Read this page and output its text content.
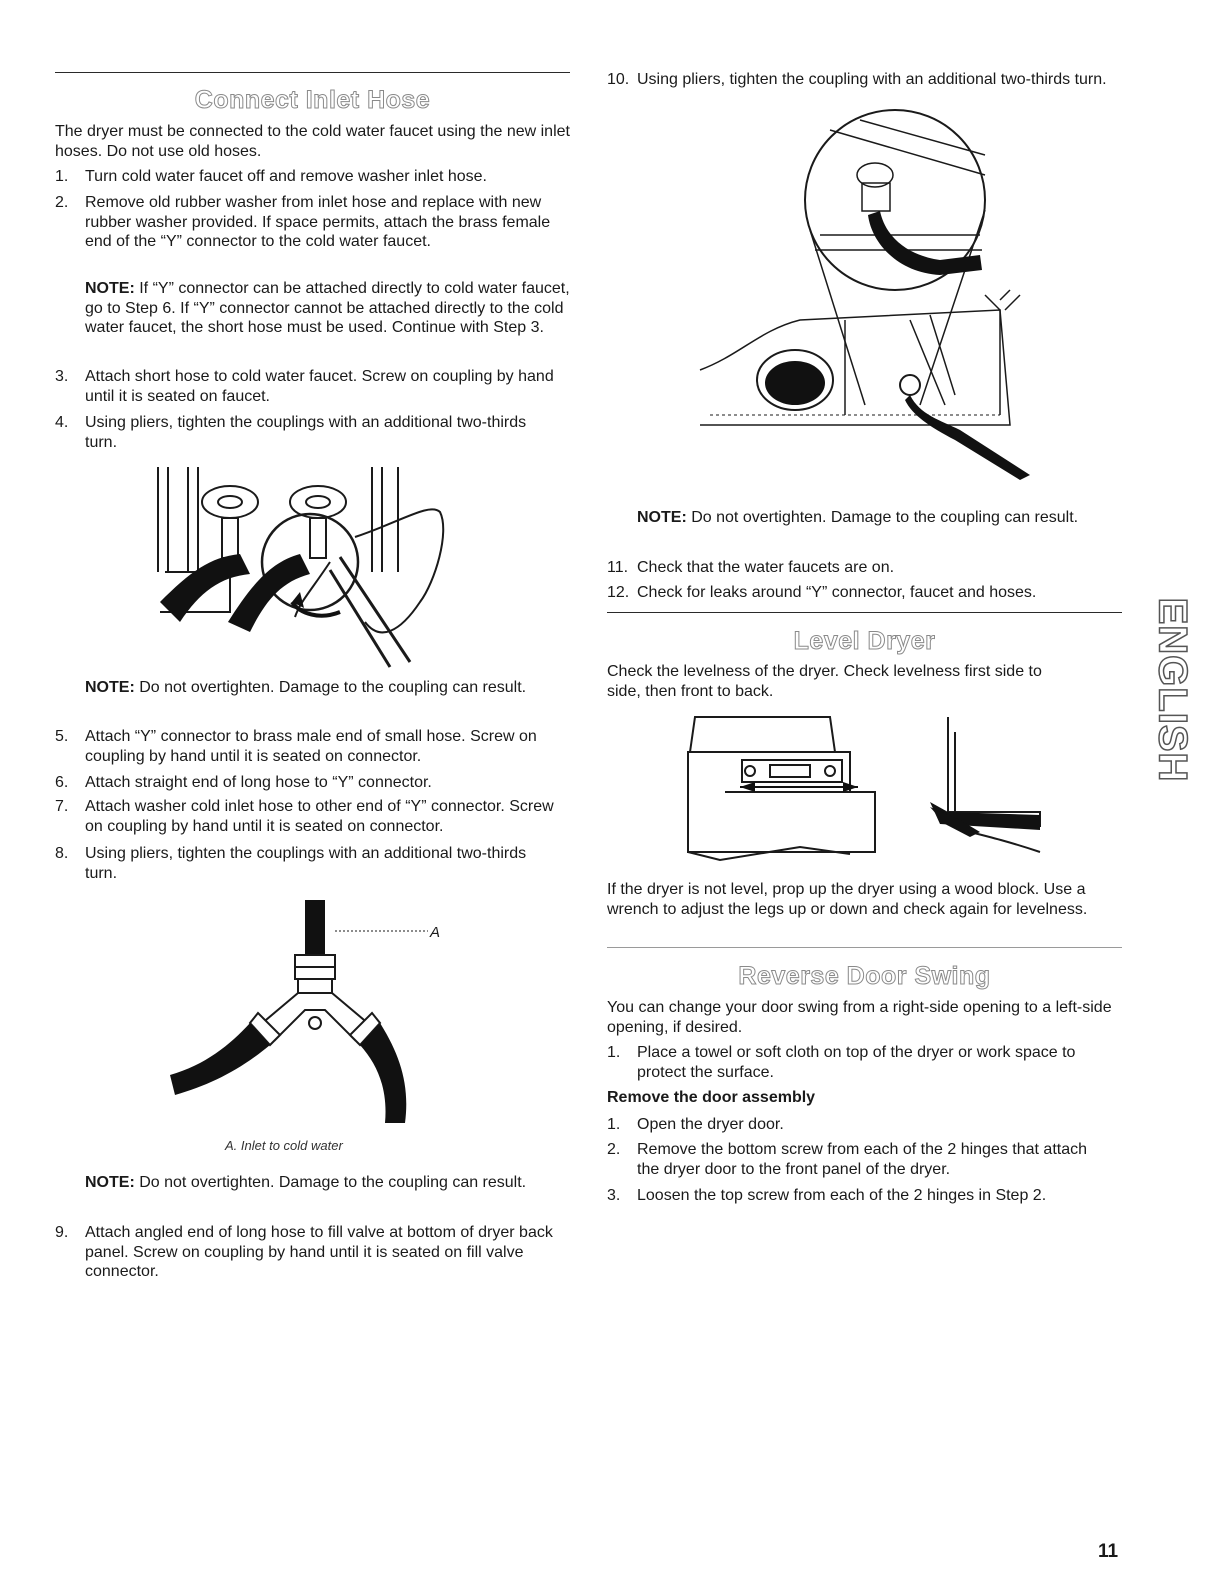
Connect Inlet Hose
The dryer must be connected to the cold water faucet using the new inlet hoses. Do not use old hoses.
1. Turn cold water faucet off and remove washer inlet hose.
2. Remove old rubber washer from inlet hose and replace with new rubber washer provided. If space permits, attach the brass female end of the “Y” connector to the cold water faucet.
NOTE: If “Y” connector can be attached directly to cold water faucet, go to Step 6. If “Y” connector cannot be attached directly to the cold water faucet, the short hose must be used. Continue with Step 3.
3. Attach short hose to cold water faucet. Screw on coupling by hand until it is seated on faucet.
4. Using pliers, tighten the couplings with an additional two-thirds turn.
NOTE: Do not overtighten. Damage to the coupling can result.
5. Attach “Y” connector to brass male end of small hose. Screw on coupling by hand until it is seated on connector.
6. Attach straight end of long hose to “Y” connector.
7. Attach washer cold inlet hose to other end of “Y” connector. Screw on coupling by hand until it is seated on connector.
8. Using pliers, tighten the couplings with an additional two-thirds turn.
A
A. Inlet to cold water
NOTE: Do not overtighten. Damage to the coupling can result.
9. Attach angled end of long hose to fill valve at bottom of dryer back panel. Screw on coupling by hand until it is seated on fill valve connector.
10. Using pliers, tighten the coupling with an additional two-thirds turn.
NOTE: Do not overtighten. Damage to the coupling can result.
11. Check that the water faucets are on.
12. Check for leaks around “Y” connector, faucet and hoses.
Level Dryer
Check the levelness of the dryer. Check levelness first side to side, then front to back.
If the dryer is not level, prop up the dryer using a wood block. Use a wrench to adjust the legs up or down and check again for levelness.
Reverse Door Swing
You can change your door swing from a right-side opening to a left-side opening, if desired.
1. Place a towel or soft cloth on top of the dryer or work space to protect the surface.
Remove the door assembly
1. Open the dryer door.
2. Remove the bottom screw from each of the 2 hinges that attach the dryer door to the front panel of the dryer.
3. Loosen the top screw from each of the 2 hinges in Step 2.
ENGLISH
11
